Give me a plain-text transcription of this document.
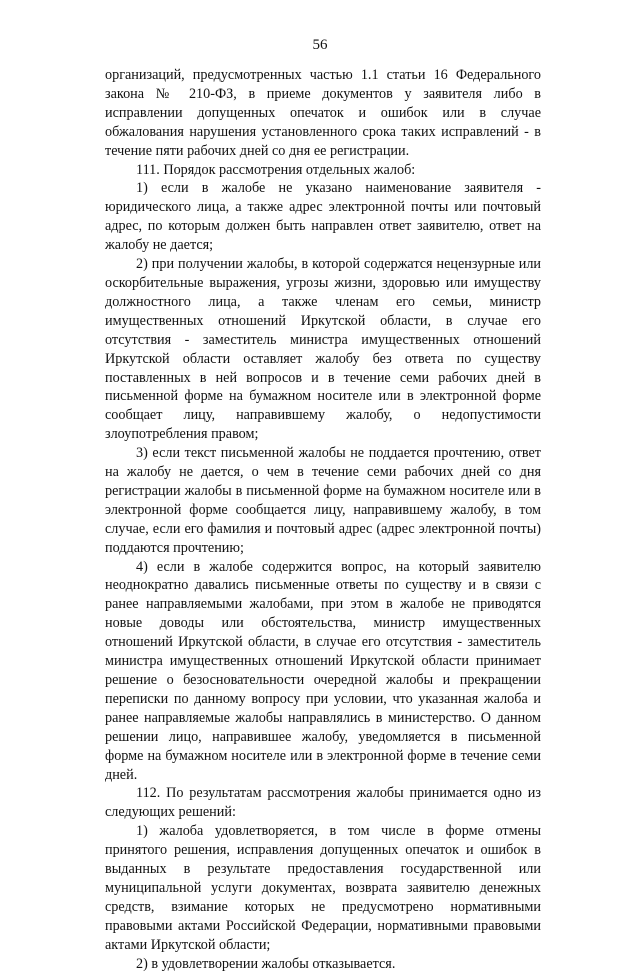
56

организаций, предусмотренных частью 1.1 статьи 16 Федерального закона № 210-ФЗ, в приеме документов у заявителя либо в исправлении допущенных опечаток и ошибок или в случае обжалования нарушения установленного срока таких исправлений - в течение пяти рабочих дней со дня ее регистрации.

111. Порядок рассмотрения отдельных жалоб:

1) если в жалобе не указано наименование заявителя - юридического лица, а также адрес электронной почты или почтовый адрес, по которым должен быть направлен ответ заявителю, ответ на жалобу не дается;

2) при получении жалобы, в которой содержатся нецензурные или оскорбительные выражения, угрозы жизни, здоровью или имуществу должностного лица, а также членам его семьи, министр имущественных отношений Иркутской области, в случае его отсутствия - заместитель министра имущественных отношений Иркутской области оставляет жалобу без ответа по существу поставленных в ней вопросов и в течение семи рабочих дней в письменной форме на бумажном носителе или в электронной форме сообщает лицу, направившему жалобу, о недопустимости злоупотребления правом;

3) если текст письменной жалобы не поддается прочтению, ответ на жалобу не дается, о чем в течение семи рабочих дней со дня регистрации жалобы в письменной форме на бумажном носителе или в электронной форме сообщается лицу, направившему жалобу, в том случае, если его фамилия и почтовый адрес (адрес электронной почты) поддаются прочтению;

4) если в жалобе содержится вопрос, на который заявителю неоднократно давались письменные ответы по существу и в связи с ранее направляемыми жалобами, при этом в жалобе не приводятся новые доводы или обстоятельства, министр имущественных отношений Иркутской области, в случае его отсутствия - заместитель министра имущественных отношений Иркутской области принимает решение о безосновательности очередной жалобы и прекращении переписки по данному вопросу при условии, что указанная жалоба и ранее направляемые жалобы направлялись в министерство. О данном решении лицо, направившее жалобу, уведомляется в письменной форме на бумажном носителе или в электронной форме в течение семи дней.

112. По результатам рассмотрения жалобы принимается одно из следующих решений:

1) жалоба удовлетворяется, в том числе в форме отмены принятого решения, исправления допущенных опечаток и ошибок в выданных в результате предоставления государственной или муниципальной услуги документах, возврата заявителю денежных средств, взимание которых не предусмотрено нормативными правовыми актами Российской Федерации, нормативными правовыми актами Иркутской области;

2) в удовлетворении жалобы отказывается.
